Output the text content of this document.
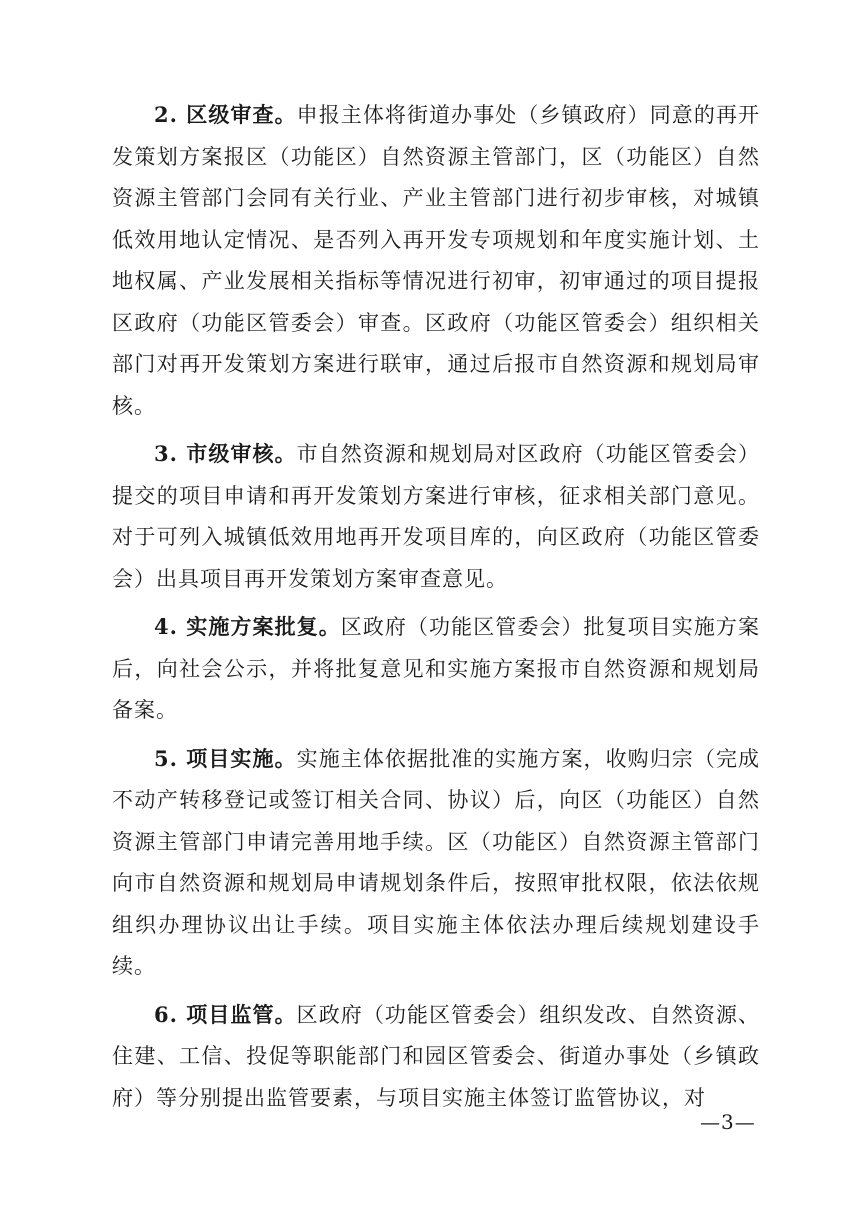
2. 区级审查。申报主体将街道办事处（乡镇政府）同意的再开发策划方案报区（功能区）自然资源主管部门，区（功能区）自然资源主管部门会同有关行业、产业主管部门进行初步审核，对城镇低效用地认定情况、是否列入再开发专项规划和年度实施计划、土地权属、产业发展相关指标等情况进行初审，初审通过的项目提报区政府（功能区管委会）审查。区政府（功能区管委会）组织相关部门对再开发策划方案进行联审，通过后报市自然资源和规划局审核。

3. 市级审核。市自然资源和规划局对区政府（功能区管委会）提交的项目申请和再开发策划方案进行审核，征求相关部门意见。对于可列入城镇低效用地再开发项目库的，向区政府（功能区管委会）出具项目再开发策划方案审查意见。

4. 实施方案批复。区政府（功能区管委会）批复项目实施方案后，向社会公示，并将批复意见和实施方案报市自然资源和规划局备案。

5. 项目实施。实施主体依据批准的实施方案，收购归宗（完成不动产转移登记或签订相关合同、协议）后，向区（功能区）自然资源主管部门申请完善用地手续。区（功能区）自然资源主管部门向市自然资源和规划局申请规划条件后，按照审批权限，依法依规组织办理协议出让手续。项目实施主体依法办理后续规划建设手续。

6. 项目监管。区政府（功能区管委会）组织发改、自然资源、住建、工信、投促等职能部门和园区管委会、街道办事处（乡镇政府）等分别提出监管要素，与项目实施主体签订监管协议，对

—3—
